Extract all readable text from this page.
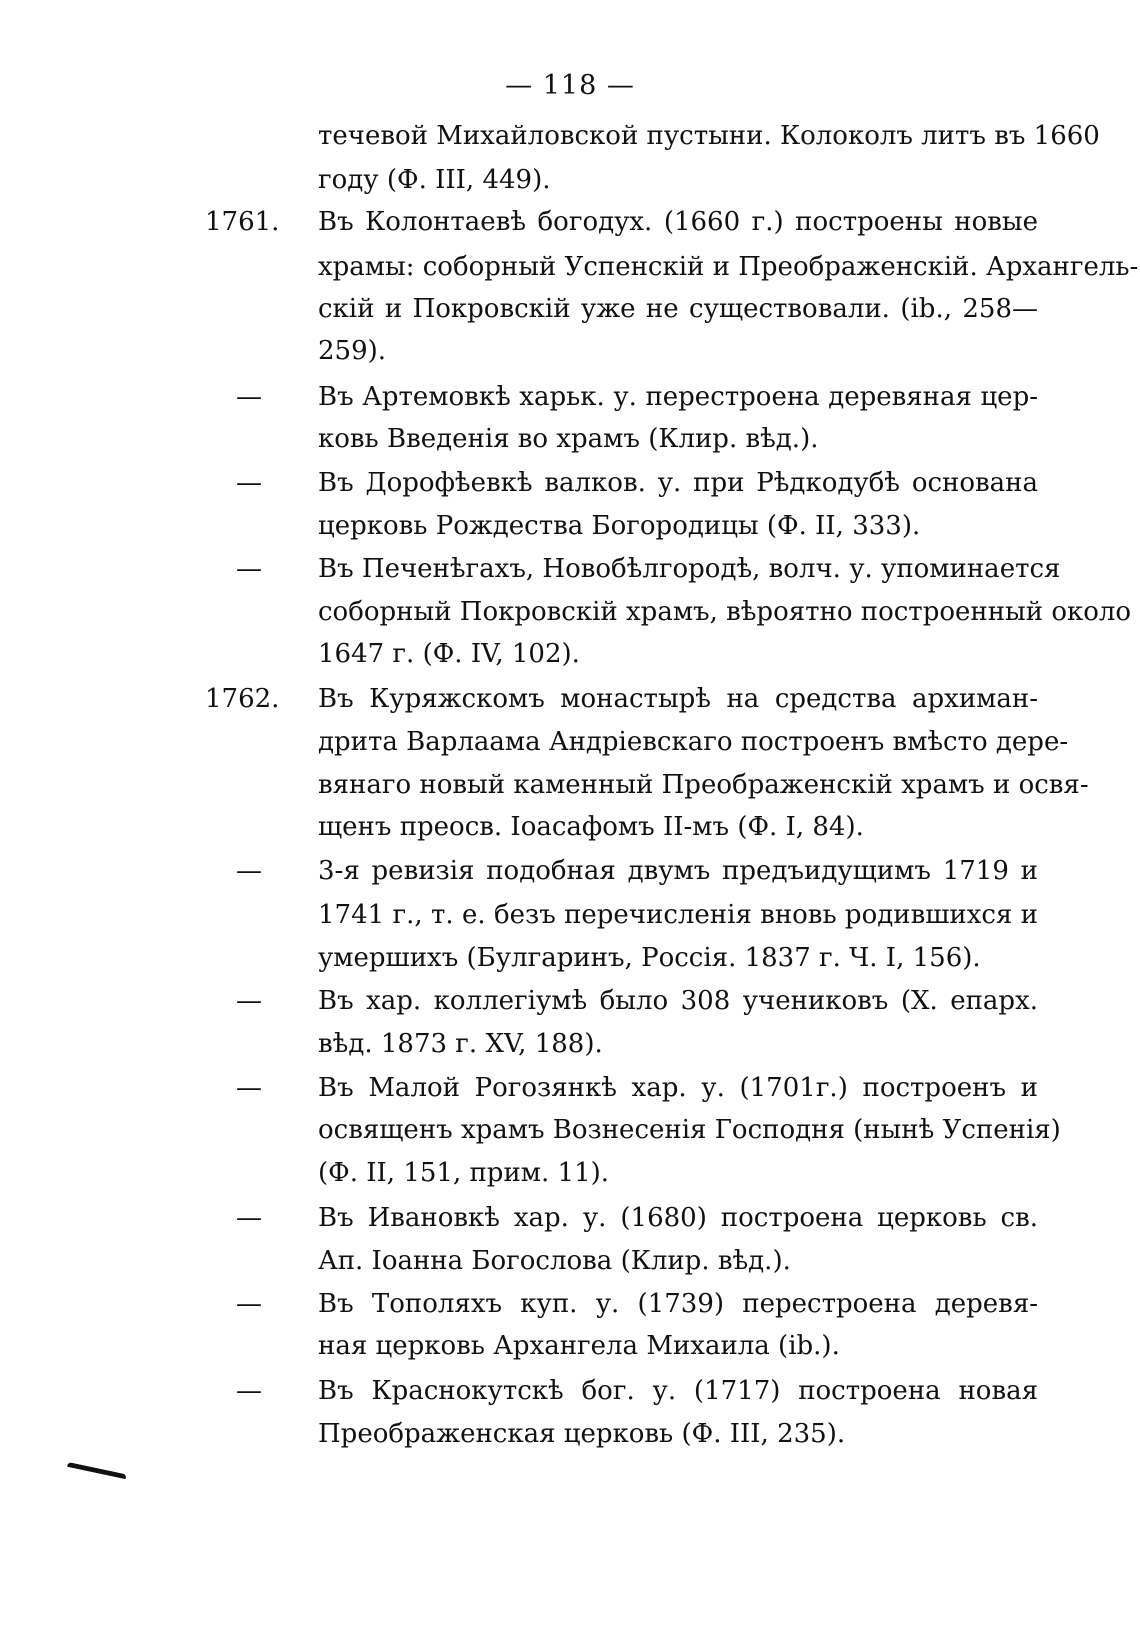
— 118 —
течевой Михайловской пустыни. Колоколъ литъ въ 1660
году (Ф. III, 449).
1761.	Въ Колонтаевѣ богодух. (1660 г.) построены новые
храмы: соборный Успенскій и Преображенскій. Архангель-
скій и Покровскій уже не существовали. (ib., 258—
259).
— Въ Артемовкѣ харьк. у. перестроена деревяная цер-
ковь Введенія во храмъ (Клир. вѣд.).
— Въ Дорофѣевкѣ валков. у. при Рѣдкодубѣ основана
церковь Рождества Богородицы (Ф. II, 333).
— Въ Печенѣгахъ, Новобѣлгородѣ, волч. у. упоминается
соборный Покровскій храмъ, вѣроятно построенный около
1647 г. (Ф. IV, 102).
1762.	Въ Куряжскомъ монастырѣ на средства архиман-
дрита Варлаама Андрiевскаго построенъ вмѣсто дере-
вянаго новый каменный Преображенскій храмъ и освя-
щенъ преосв. Іоасафомъ II-мъ (Ф. I, 84).
— 3-я ревизія подобная двумъ предъидущимъ 1719 и
1741 г., т. е. безъ перечисленія вновь родившихся и
умершихъ (Булгаринъ, Россія. 1837 г. Ч. I, 156).
— Въ хар. коллегіумѣ было 308 учениковъ (Х. епарх.
вѣд. 1873 г. XV, 188).
— Въ Малой Рогозянкѣ хар. у. (1701г.) построенъ и
освященъ храмъ Вознесенія Господня (нынѣ Успенія)
(Ф. II, 151, прим. 11).
— Въ Ивановкѣ хар. у. (1680) построена церковь св.
Ап. Іоанна Богослова (Клир. вѣд.).
— Въ Тополяхъ куп. у. (1739) перестроена деревя-
ная церковь Архангела Михаила (ib.).
— Въ Краснокутскѣ бог. у. (1717) построена новая
Преображенская церковь (Ф. III, 235).
